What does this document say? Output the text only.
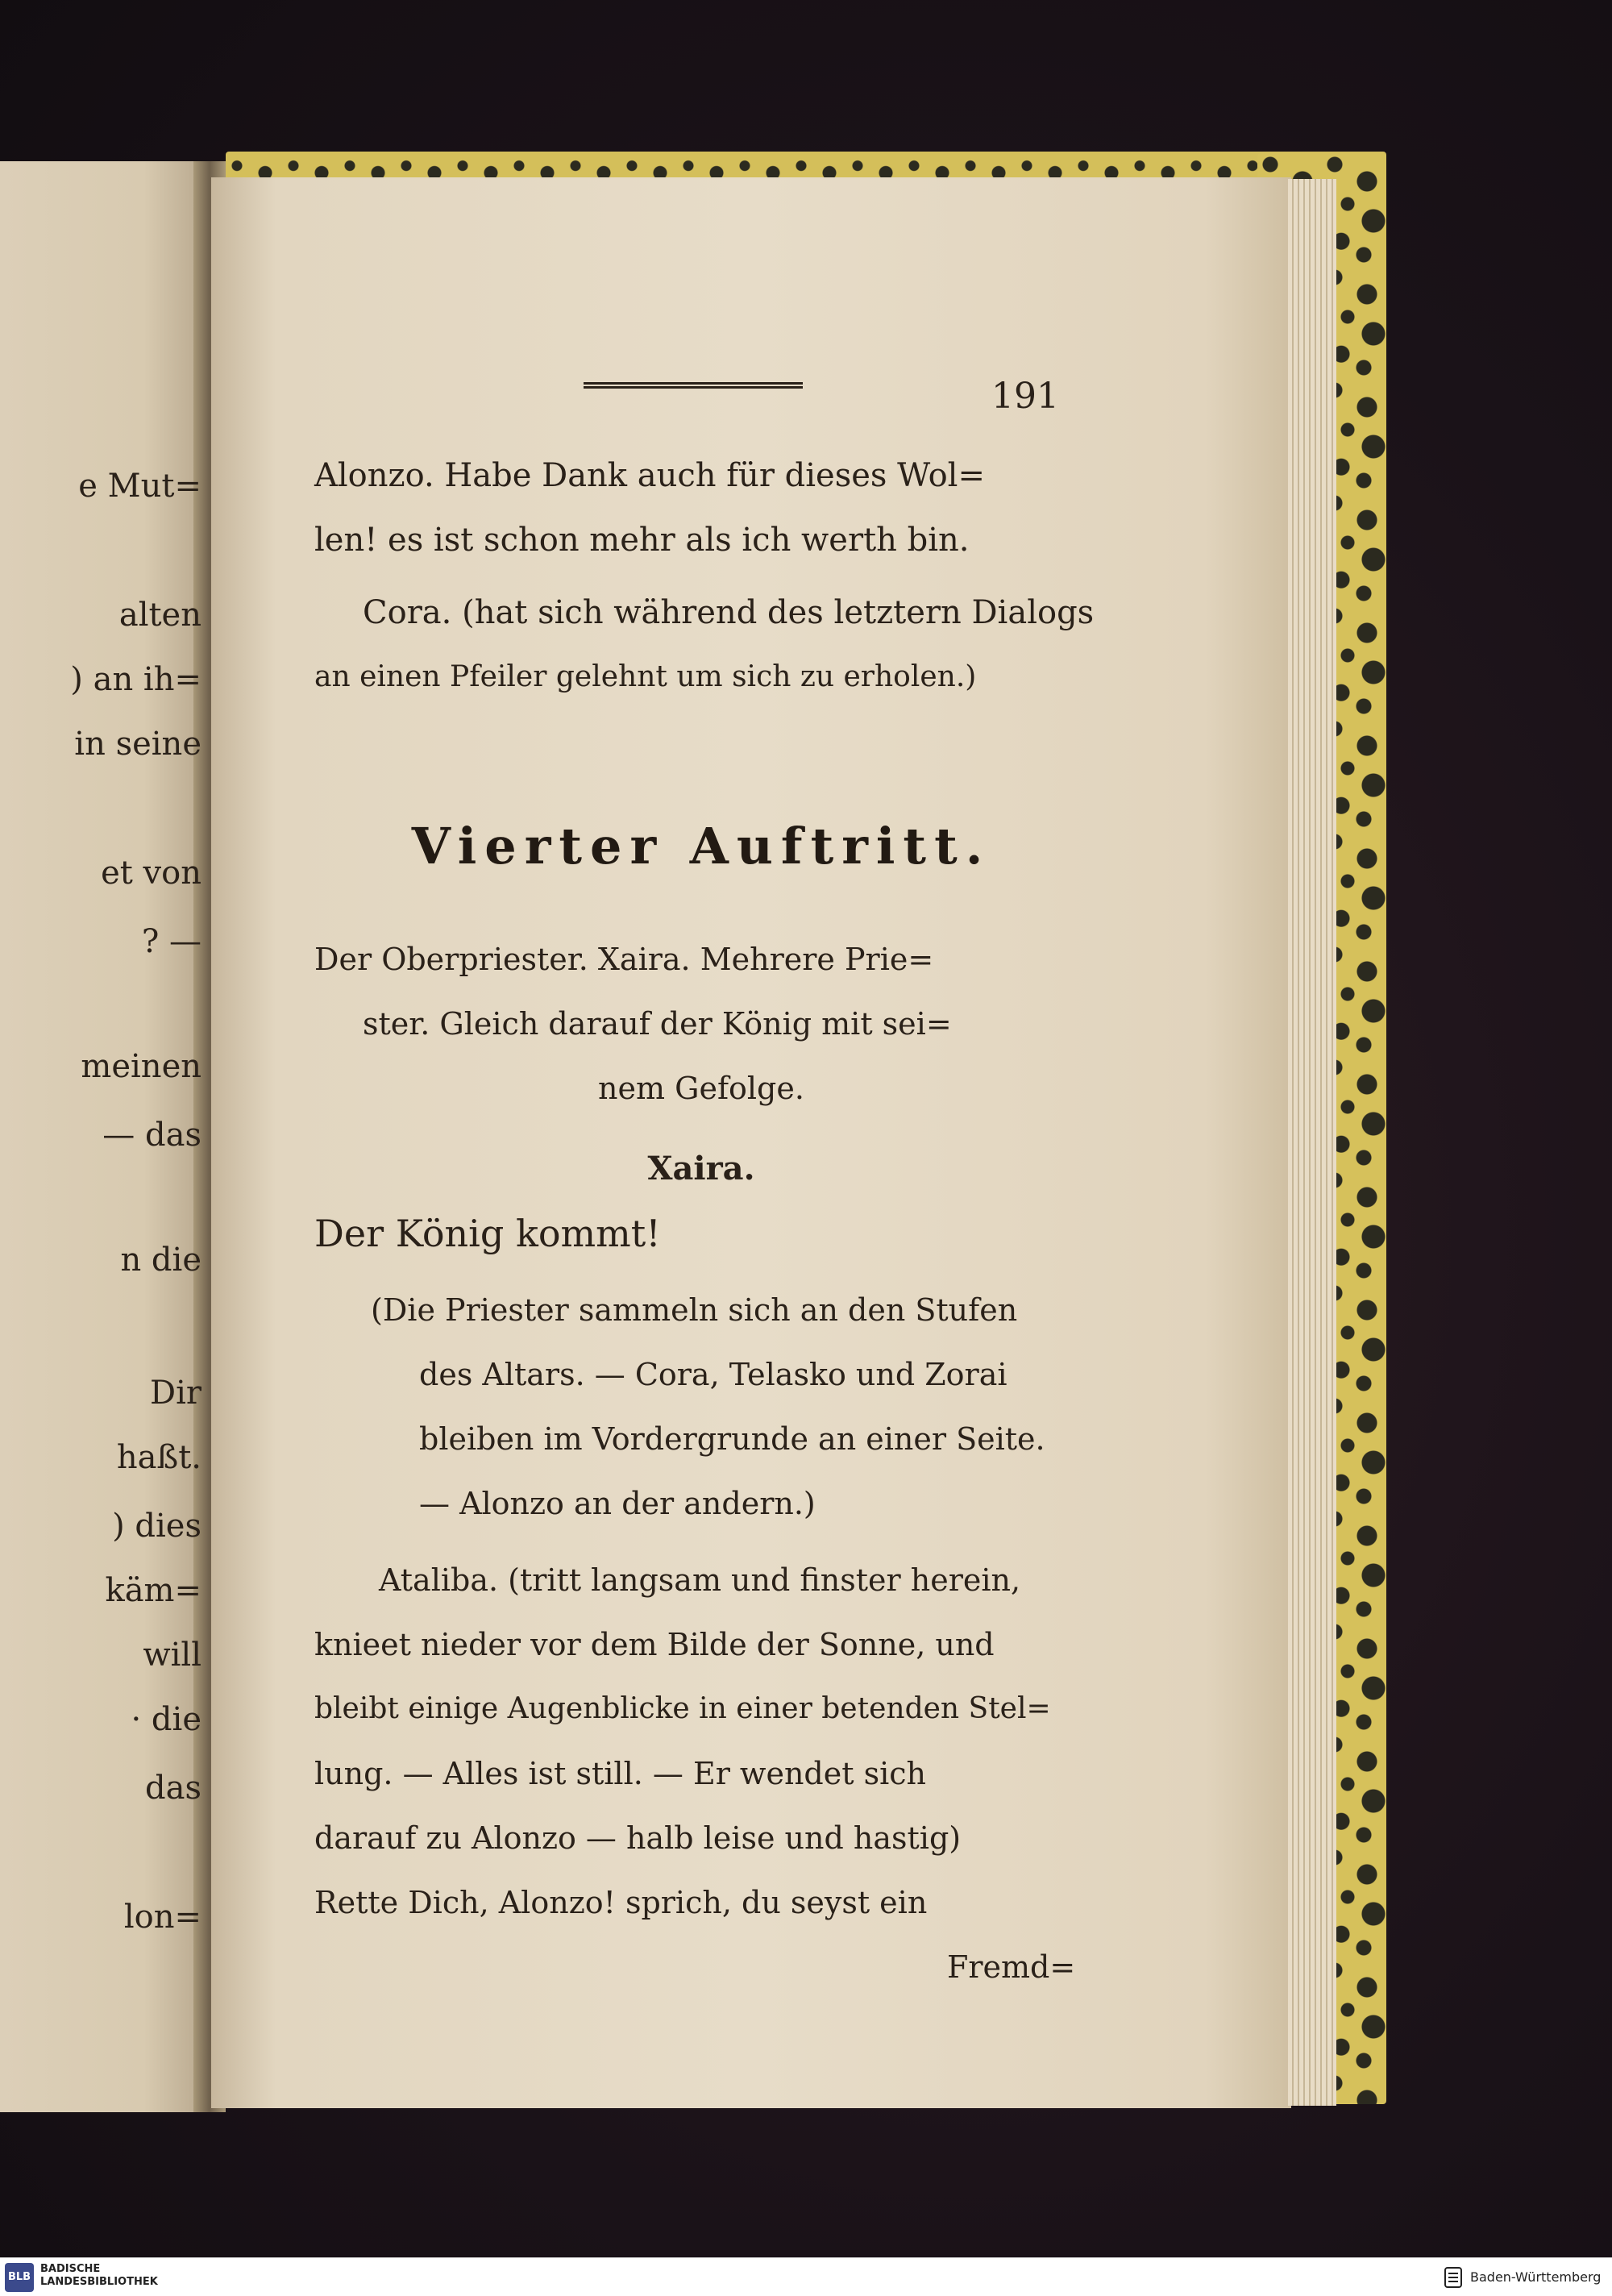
e Mut=
alten
) an ih=
in seine
et von
? —
meinen
— das
n die
Dir
haßt.
) dies
käm=
will
· die
das
lon=
191
Alonzo. Habe Dank auch für dieses Wol=
len! es ist schon mehr als ich werth bin.
Cora. (hat sich während des letztern Dialogs
an einen Pfeiler gelehnt um sich zu erholen.)
Vierter Auftritt.
Der Oberpriester. Xaira. Mehrere Prie=
ster. Gleich darauf der König mit sei=
nem Gefolge.
Xaira.
Der König kommt!
(Die Priester sammeln sich an den Stufen
des Altars. — Cora, Telasko und Zorai
bleiben im Vordergrunde an einer Seite.
— Alonzo an der andern.)
Ataliba. (tritt langsam und finster herein,
knieet nieder vor dem Bilde der Sonne, und
bleibt einige Augenblicke in einer betenden Stel=
lung. — Alles ist still. — Er wendet sich
darauf zu Alonzo — halb leise und hastig)
Rette Dich, Alonzo! sprich, du seyst ein
Fremd=
BLB
BADISCHE
LANDESBIBLIOTHEK	Baden-Württemberg
